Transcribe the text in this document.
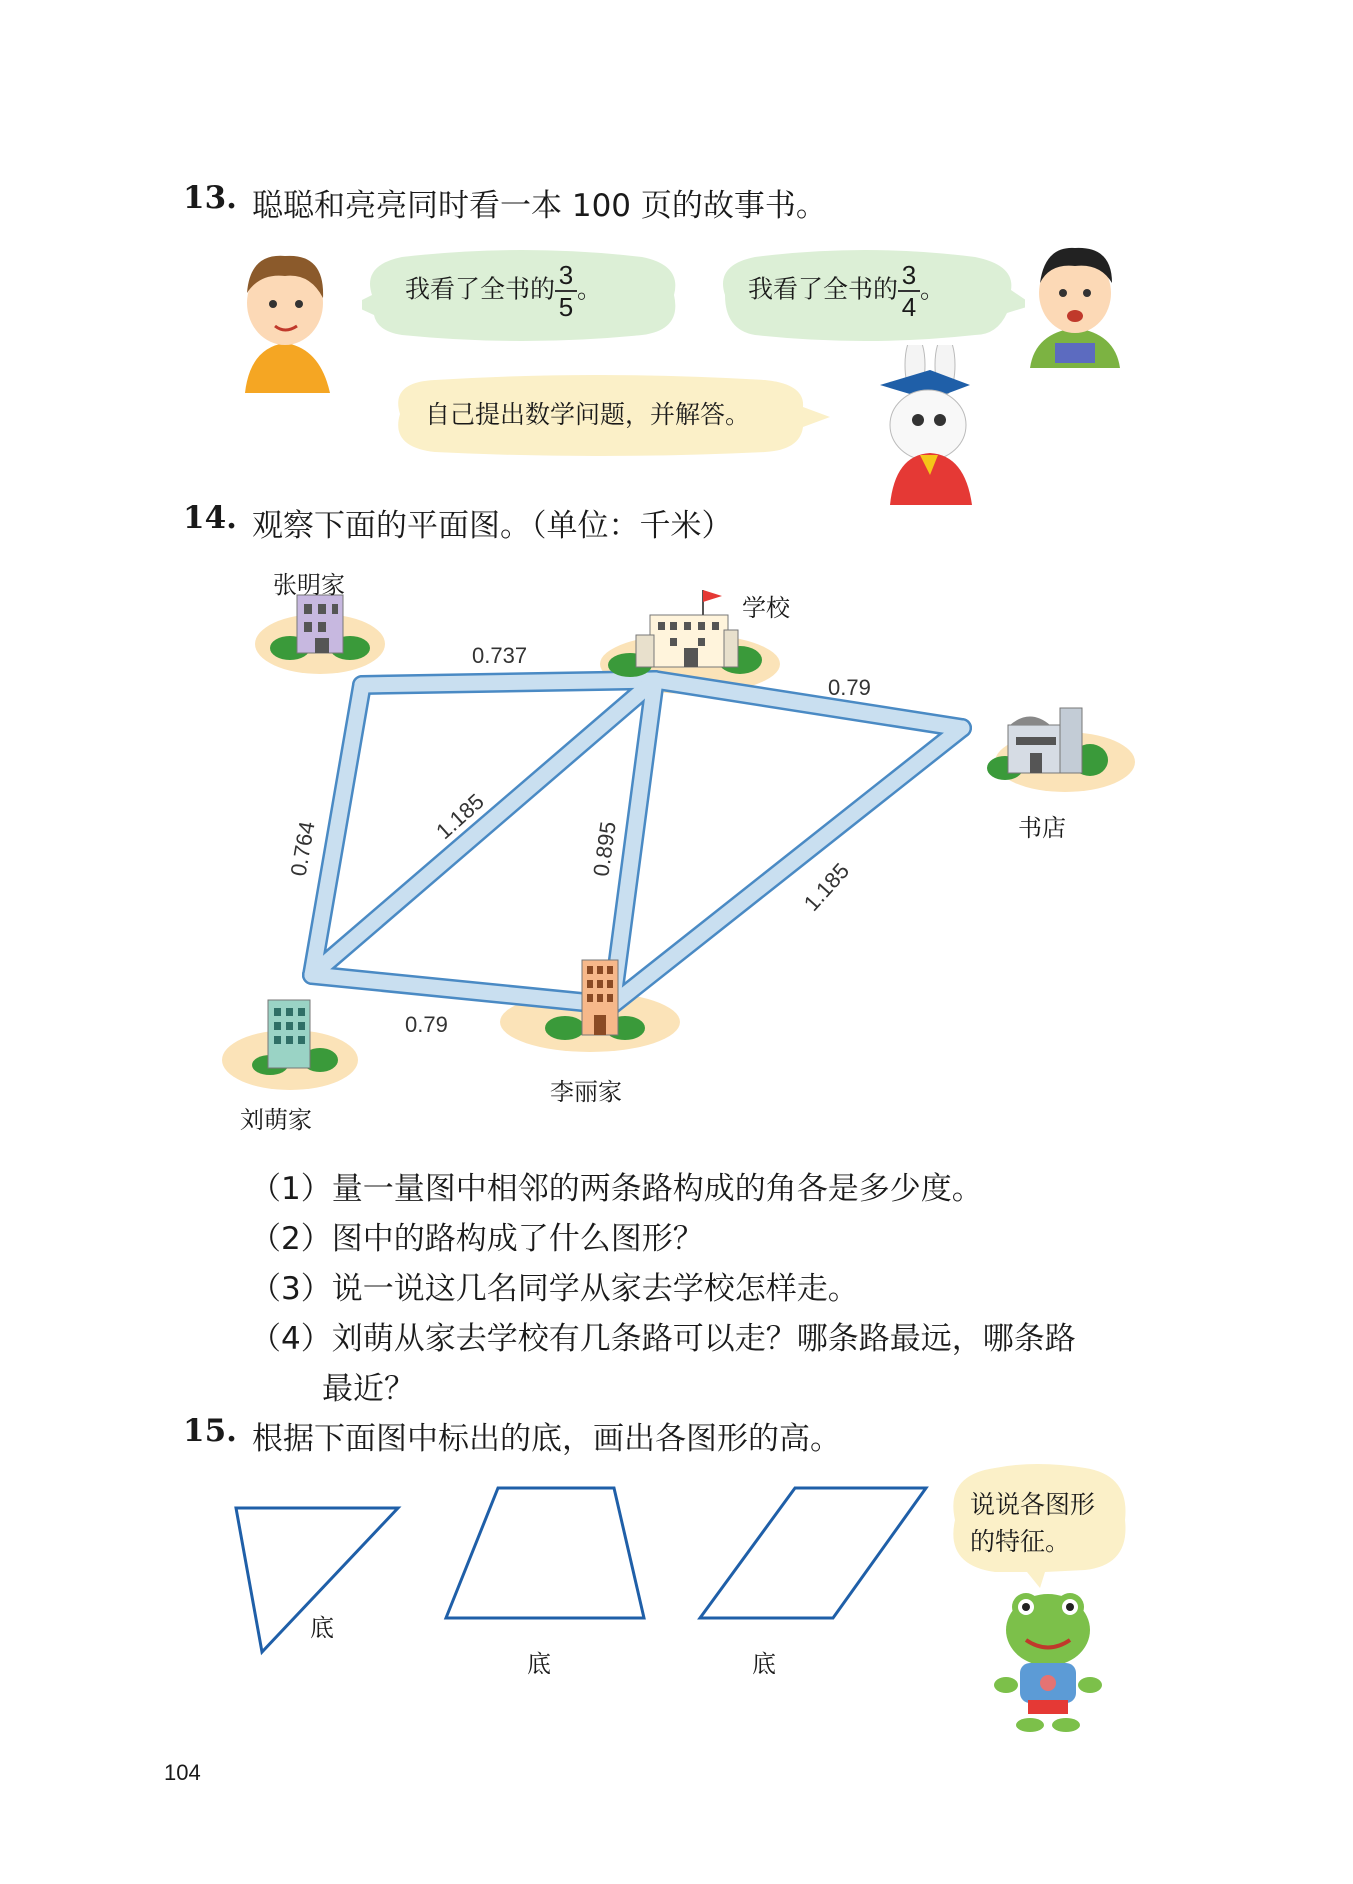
13. 聪聪和亮亮同时看一本 100 页的故事书。
我看了全书的 $\frac{3}{5}$ 。	我看了全书的 $\frac{3}{4}$ 。
自己提出数学问题，并解答。
14. 观察下面的平面图。（单位：千米）
0.737
0.79
0.764
1.185
0.895
1.185
0.79
张明家
学校
书店
刘萌家
李丽家
（1）量一量图中相邻的两条路构成的角各是多少度。
（2）图中的路构成了什么图形？
（3）说一说这几名同学从家去学校怎样走。
（4）刘萌从家去学校有几条路可以走？哪条路最远，哪条路
最近？
15. 根据下面图中标出的底，画出各图形的高。
底
底	底
说说各图形
的特征。
104
